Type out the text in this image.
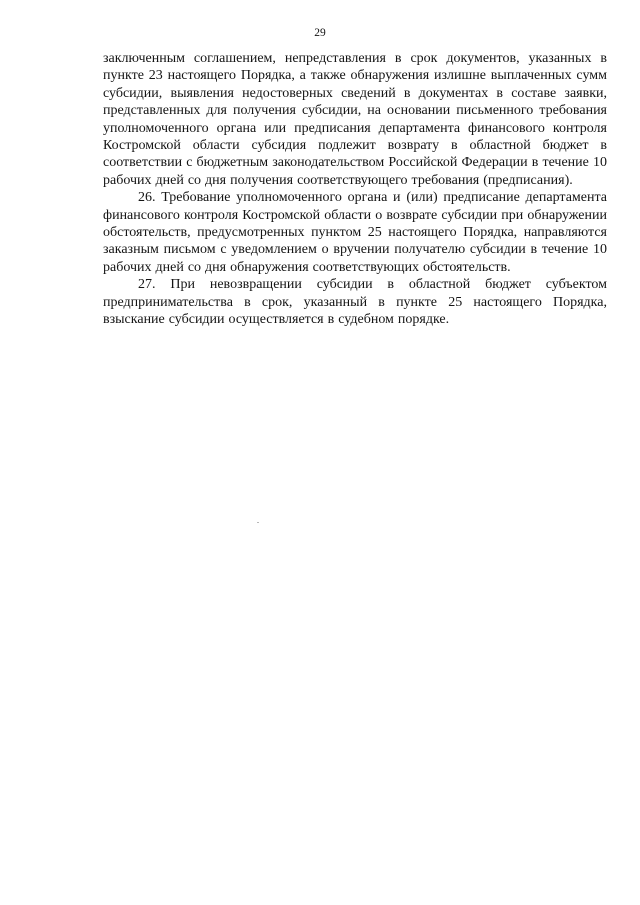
29

заключенным соглашением, непредставления в срок документов, указанных в пункте 23 настоящего Порядка, а также обнаружения излишне выплаченных сумм субсидии, выявления недостоверных сведений в документах в составе заявки, представленных для получения субсидии, на основании письменного требования уполномоченного органа или предписания департамента финансового контроля Костромской области субсидия подлежит возврату в областной бюджет в соответствии с бюджетным законодательством Российской Федерации в течение 10 рабочих дней со дня получения соответствующего требования (предписания).

26. Требование уполномоченного органа и (или) предписание департамента финансового контроля Костромской области о возврате субсидии при обнаружении обстоятельств, предусмотренных пунктом 25 настоящего Порядка, направляются заказным письмом с уведомлением о вручении получателю субсидии в течение 10 рабочих дней со дня обнаружения соответствующих обстоятельств.

27. При невозвращении субсидии в областной бюджет субъектом предпринимательства в срок, указанный в пункте 25 настоящего Порядка, взыскание субсидии осуществляется в судебном порядке.
